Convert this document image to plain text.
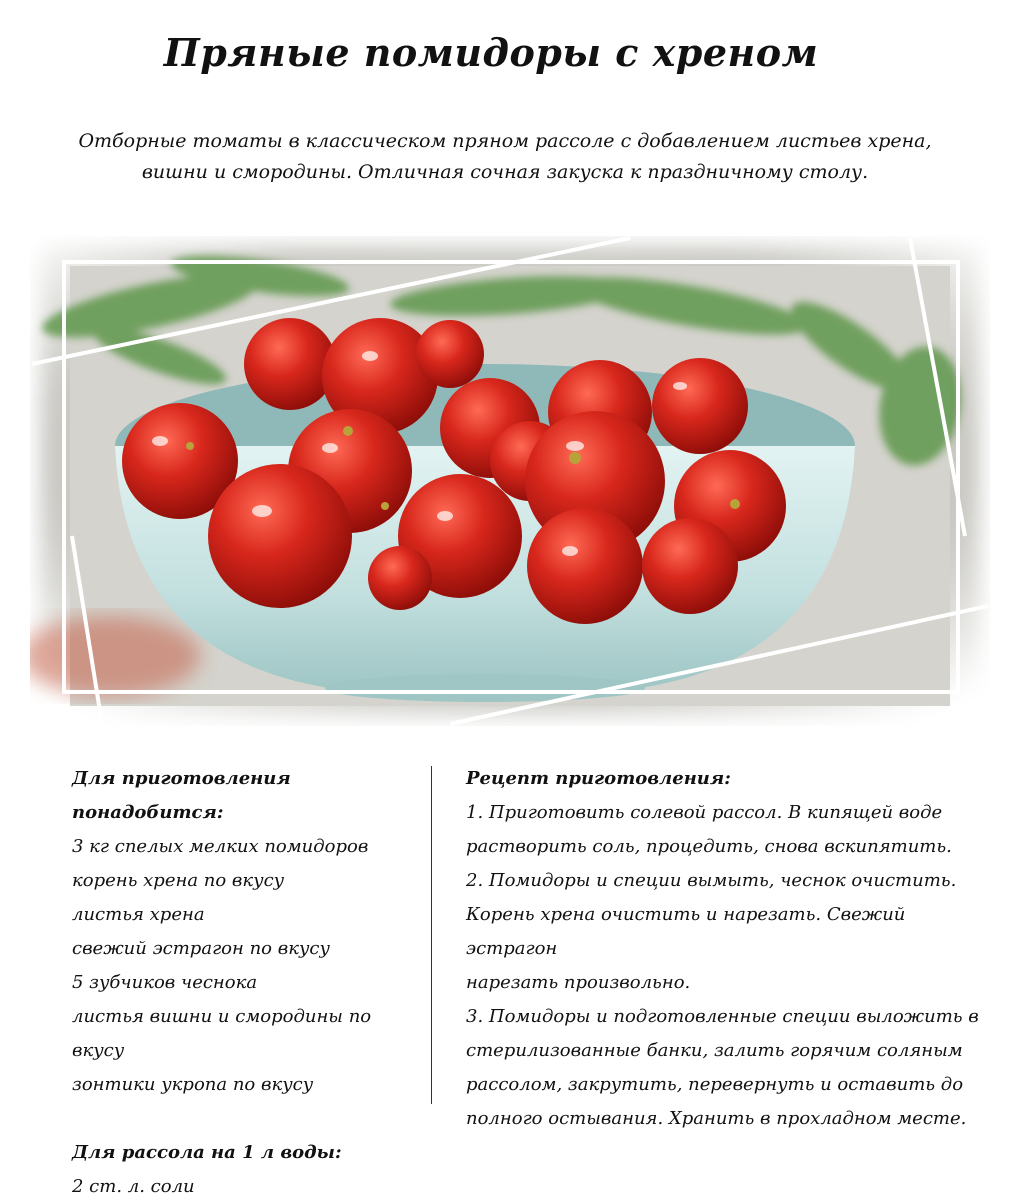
Пряные помидоры с хреном
Отборные томаты в классическом пряном рассоле с добавлением листьев хрена, вишни и смородины. Отличная сочная закуска к праздничному столу.
Для приготовления понадобится:
3 кг спелых мелких помидоров
корень хрена по вкусу
листья хрена
свежий эстрагон по вкусу
5 зубчиков чеснока
листья вишни и смородины по вкусу
зонтики укропа по вкусу
Для рассола на 1 л воды:
2 ст. л. соли
Рецепт приготовления:
1. Приготовить солевой рассол. В кипящей воде
растворить соль, процедить, снова вскипятить.
2. Помидоры и специи вымыть, чеснок очистить.
Корень хрена очистить и нарезать. Свежий эстрагон
нарезать произвольно.
3. Помидоры и подготовленные специи выложить в
стерилизованные банки, залить горячим соляным
рассолом, закрутить, перевернуть и оставить до
полного остывания. Хранить в прохладном месте.
